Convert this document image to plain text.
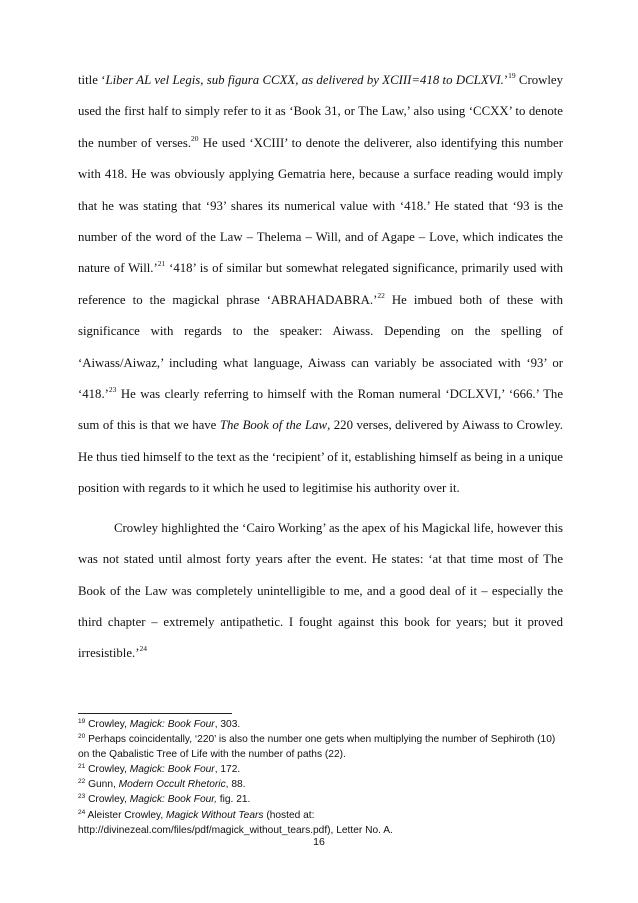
title ‘Liber AL vel Legis, sub figura CCXX, as delivered by XCIII=418 to DCLXVI.’$^{19}$ Crowley used the first half to simply refer to it as ‘Book 31, or The Law,’ also using ‘CCXX’ to denote the number of verses.$^{20}$ He used ‘XCIII’ to denote the deliverer, also identifying this number with 418. He was obviously applying Gematria here, because a surface reading would imply that he was stating that ‘93’ shares its numerical value with ‘418.’ He stated that ‘93 is the number of the word of the Law – Thelema – Will, and of Agape – Love, which indicates the nature of Will.’$^{21}$ ‘418’ is of similar but somewhat relegated significance, primarily used with reference to the magickal phrase ‘ABRAHADABRA.’$^{22}$ He imbued both of these with significance with regards to the speaker: Aiwass. Depending on the spelling of ‘Aiwass/Aiwaz,’ including what language, Aiwass can variably be associated with ‘93’ or ‘418.’$^{23}$ He was clearly referring to himself with the Roman numeral ‘DCLXVI,’ ‘666.’ The sum of this is that we have The Book of the Law, 220 verses, delivered by Aiwass to Crowley. He thus tied himself to the text as the ‘recipient’ of it, establishing himself as being in a unique position with regards to it which he used to legitimise his authority over it.

Crowley highlighted the ‘Cairo Working’ as the apex of his Magickal life, however this was not stated until almost forty years after the event. He states: ‘at that time most of The Book of the Law was completely unintelligible to me, and a good deal of it – especially the third chapter – extremely antipathetic. I fought against this book for years; but it proved irresistible.’$^{24}$

$^{19}$ Crowley, Magick: Book Four, 303.

$^{20}$ Perhaps coincidentally, ‘220’ is also the number one gets when multiplying the number of Sephiroth (10) on the Qabalistic Tree of Life with the number of paths (22).

$^{21}$ Crowley, Magick: Book Four, 172.

$^{22}$ Gunn, Modern Occult Rhetoric, 88.

$^{23}$ Crowley, Magick: Book Four, fig. 21.

$^{24}$ Aleister Crowley, Magick Without Tears (hosted at: http://divinezeal.com/files/pdf/magick_without_tears.pdf), Letter No. A.

16
